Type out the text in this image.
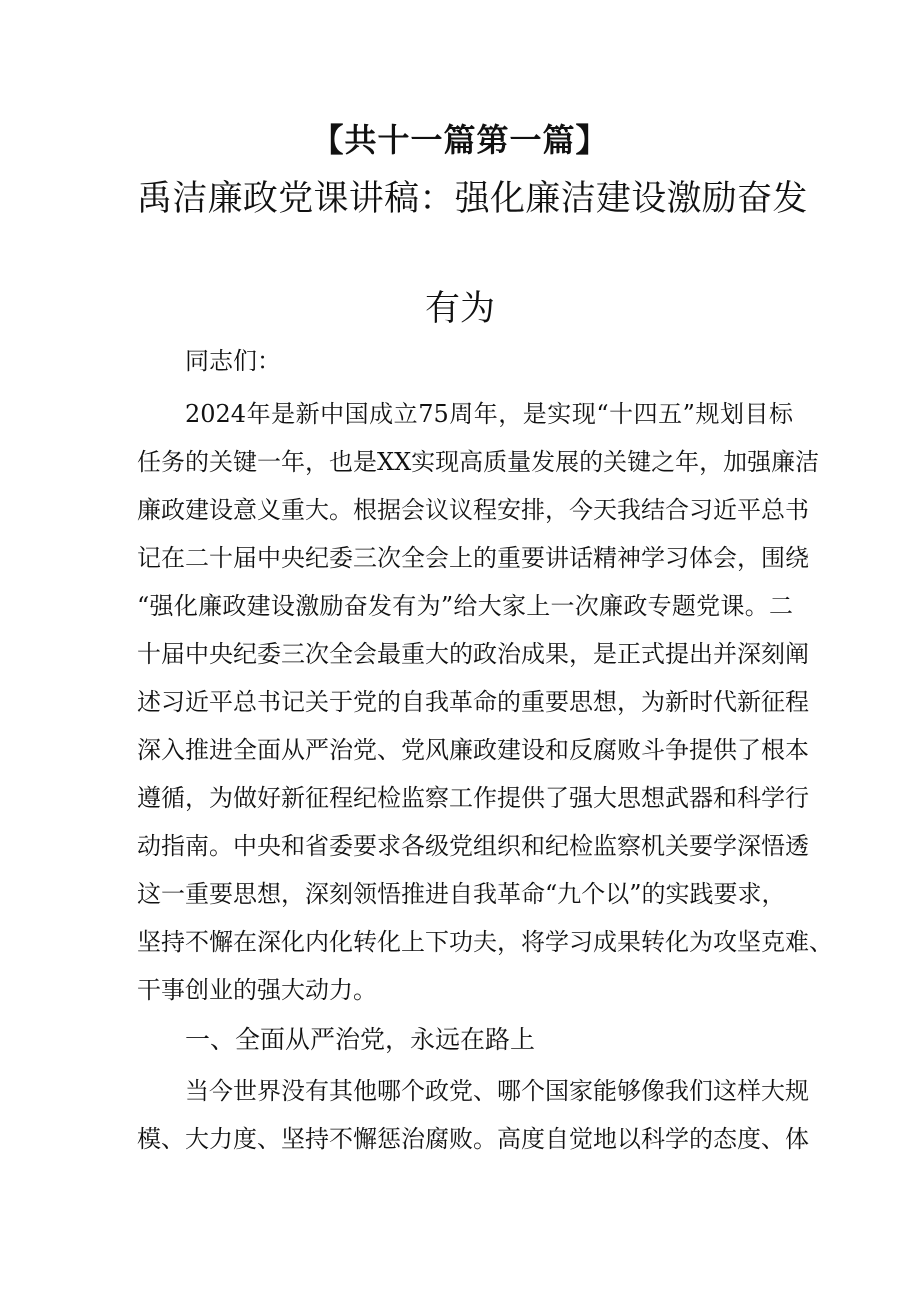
【共十一篇第一篇】
禹洁廉政党课讲稿：强化廉洁建设激励奋发
有为
同志们：
2024年是新中国成立75周年，是实现“十四五”规划目标
任务的关键一年，也是XX实现高质量发展的关键之年，加强廉洁
廉政建设意义重大。根据会议议程安排，今天我结合习近平总书
记在二十届中央纪委三次全会上的重要讲话精神学习体会，围绕
“强化廉政建设激励奋发有为”给大家上一次廉政专题党课。二
十届中央纪委三次全会最重大的政治成果，是正式提出并深刻阐
述习近平总书记关于党的自我革命的重要思想，为新时代新征程
深入推进全面从严治党、党风廉政建设和反腐败斗争提供了根本
遵循，为做好新征程纪检监察工作提供了强大思想武器和科学行
动指南。中央和省委要求各级党组织和纪检监察机关要学深悟透
这一重要思想，深刻领悟推进自我革命“九个以”的实践要求，
坚持不懈在深化内化转化上下功夫，将学习成果转化为攻坚克难、
干事创业的强大动力。
一、全面从严治党，永远在路上
当今世界没有其他哪个政党、哪个国家能够像我们这样大规
模、大力度、坚持不懈惩治腐败。高度自觉地以科学的态度、体
